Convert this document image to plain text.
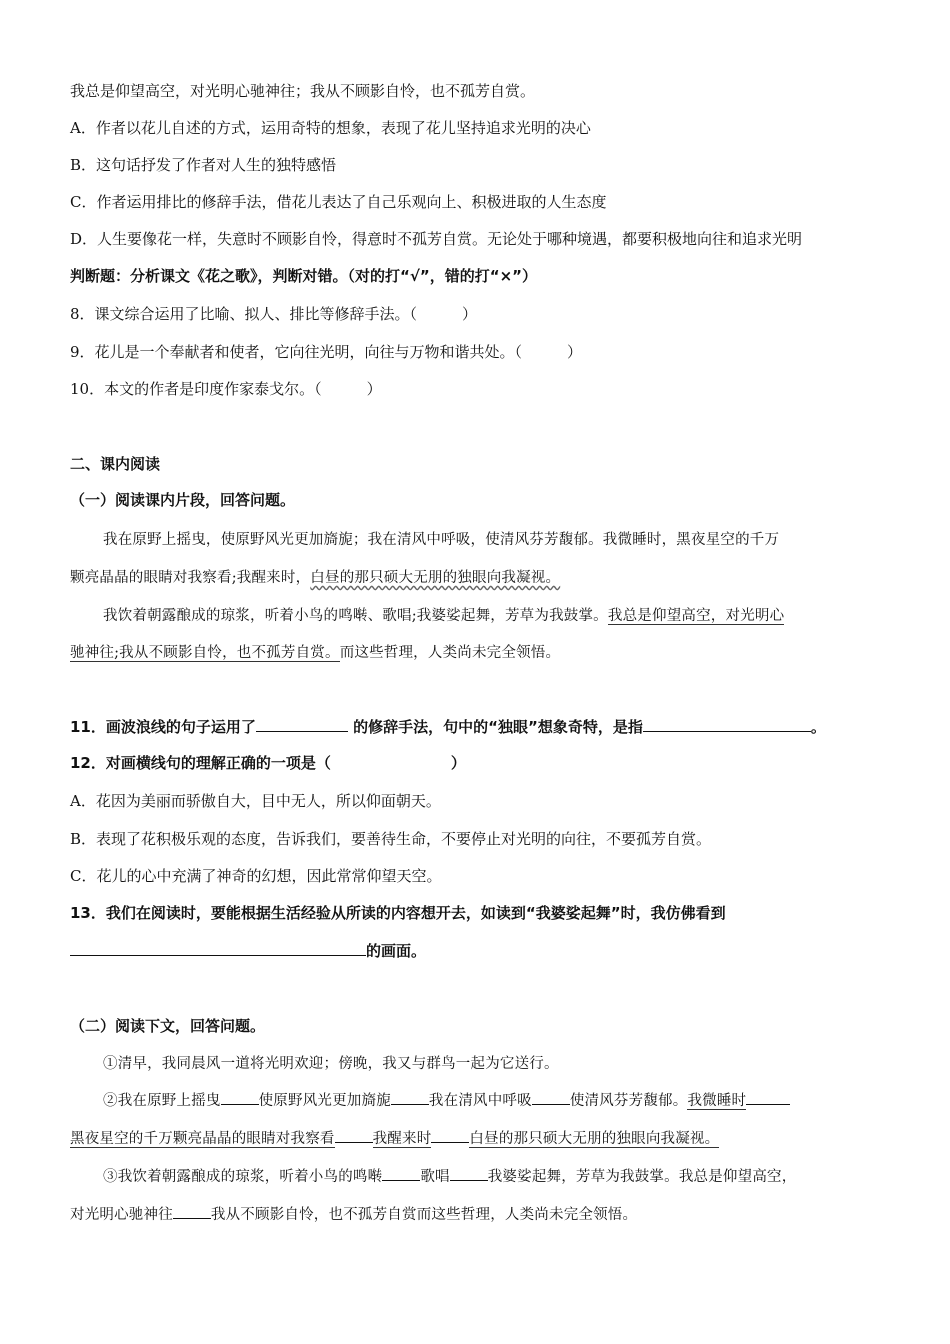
我总是仰望高空，对光明心驰神往；我从不顾影自怜，也不孤芳自赏。
A．作者以花儿自述的方式，运用奇特的想象，表现了花儿坚持追求光明的决心
B．这句话抒发了作者对人生的独特感悟
C．作者运用排比的修辞手法，借花儿表达了自己乐观向上、积极进取的人生态度
D．人生要像花一样，失意时不顾影自怜，得意时不孤芳自赏。无论处于哪种境遇，都要积极地向往和追求光明
判断题：分析课文《花之歌》，判断对错。（对的打“√”，错的打“×”）
8．课文综合运用了比喻、拟人、排比等修辞手法。（　　　）
9．花儿是一个奉献者和使者，它向往光明，向往与万物和谐共处。（　　　）
10．本文的作者是印度作家泰戈尔。（　　　）
二、课内阅读
（一）阅读课内片段，回答问题。
我在原野上摇曳，使原野风光更加旖旎；我在清风中呼吸，使清风芬芳馥郁。我微睡时，黑夜星空的千万
颗亮晶晶的眼睛对我察看;我醒来时，白昼的那只硕大无朋的独眼向我凝视。
我饮着朝露酿成的琼浆，听着小鸟的鸣啭、歌唱;我婆娑起舞，芳草为我鼓掌。我总是仰望高空，对光明心
驰神往;我从不顾影自怜，也不孤芳自赏。而这些哲理，人类尚未完全领悟。
11．画波浪线的句子运用了	的修辞手法，句中的“独眼”想象奇特，是指	。
12．对画横线句的理解正确的一项是（　　　　　　　　）
A．花因为美丽而骄傲自大，目中无人，所以仰面朝天。
B．表现了花积极乐观的态度，告诉我们，要善待生命，不要停止对光明的向往，不要孤芳自赏。
C．花儿的心中充满了神奇的幻想，因此常常仰望天空。
13．我们在阅读时，要能根据生活经验从所读的内容想开去，如读到“我婆娑起舞”时，我仿佛看到
的画面。
（二）阅读下文，回答问题。
①清早，我同晨风一道将光明欢迎；傍晚，我又与群鸟一起为它送行。
②我在原野上摇曳	使原野风光更加旖旎	我在清风中呼吸	使清风芬芳馥郁。我微睡时
黑夜星空的千万颗亮晶晶的眼睛对我察看	我醒来时	白昼的那只硕大无朋的独眼向我凝视。
③我饮着朝露酿成的琼浆，听着小鸟的鸣啭	歌唱	我婆娑起舞，芳草为我鼓掌。我总是仰望高空，
对光明心驰神往	我从不顾影自怜，也不孤芳自赏而这些哲理，人类尚未完全领悟。
